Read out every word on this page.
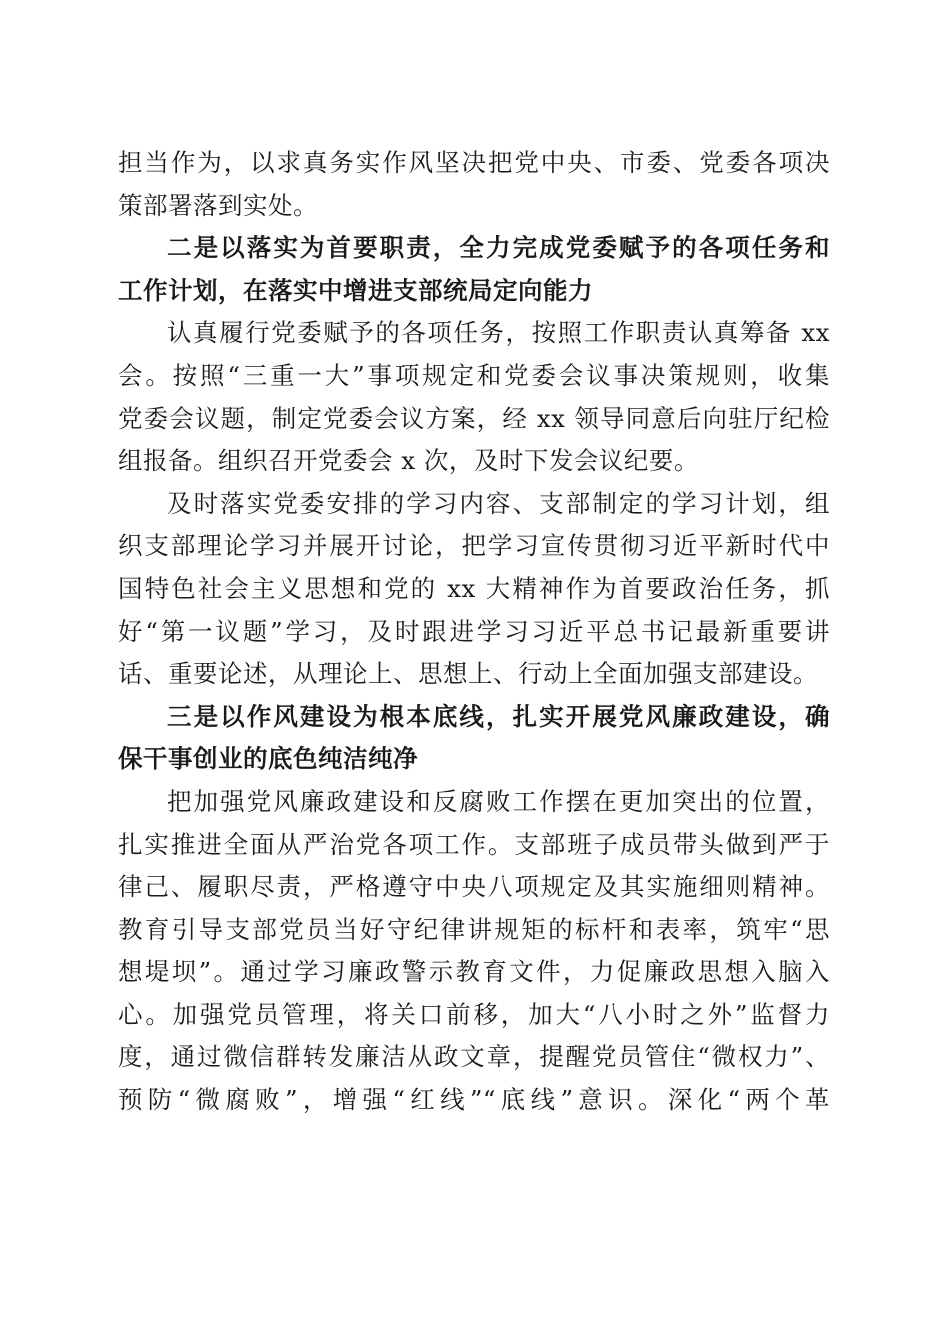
担当作为，以求真务实作风坚决把党中央、市委、党委各项决
策部署落到实处。
二是以落实为首要职责，全力完成党委赋予的各项任务和
工作计划，在落实中增进支部统局定向能力
认真履行党委赋予的各项任务，按照工作职责认真筹备 xx
会。按照“三重一大”事项规定和党委会议事决策规则，收集
党委会议题，制定党委会议方案，经 xx 领导同意后向驻厅纪检
组报备。组织召开党委会 x 次，及时下发会议纪要。
及时落实党委安排的学习内容、支部制定的学习计划，组
织支部理论学习并展开讨论，把学习宣传贯彻习近平新时代中
国特色社会主义思想和党的 xx 大精神作为首要政治任务，抓
好“第一议题”学习，及时跟进学习习近平总书记最新重要讲
话、重要论述，从理论上、思想上、行动上全面加强支部建设。
三是以作风建设为根本底线，扎实开展党风廉政建设，确
保干事创业的底色纯洁纯净
把加强党风廉政建设和反腐败工作摆在更加突出的位置，
扎实推进全面从严治党各项工作。支部班子成员带头做到严于
律己、履职尽责，严格遵守中央八项规定及其实施细则精神。
教育引导支部党员当好守纪律讲规矩的标杆和表率，筑牢“思
想堤坝”。通过学习廉政警示教育文件，力促廉政思想入脑入
心。加强党员管理，将关口前移，加大“八小时之外”监督力
度，通过微信群转发廉洁从政文章，提醒党员管住“微权力”、
预防“微腐败”，增强“红线”“底线”意识。深化“两个革
